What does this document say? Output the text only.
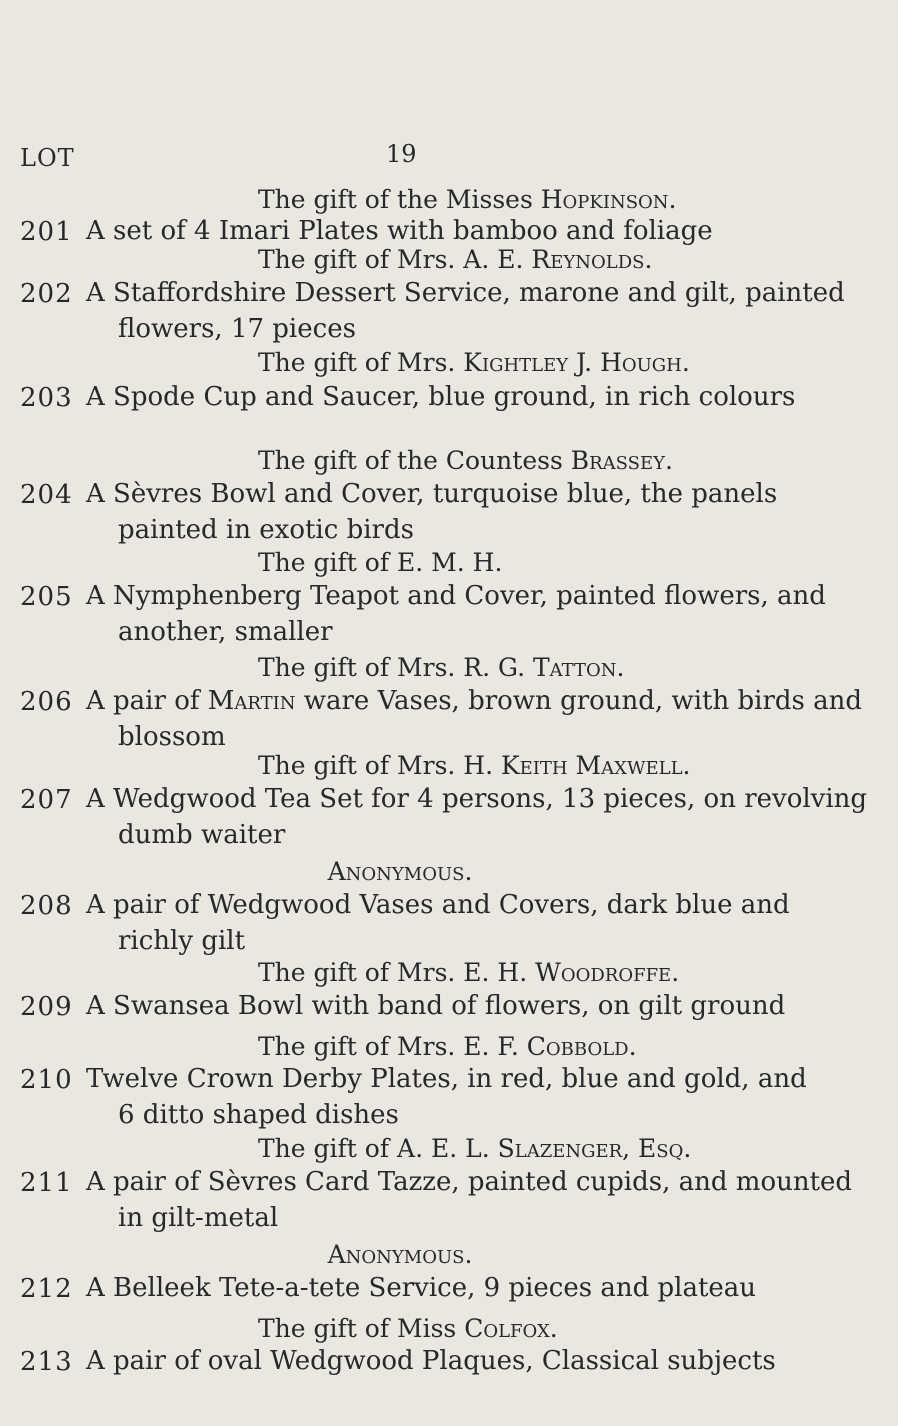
19
LOT
The gift of the Misses Hopkinson.
201 A set of 4 Imari Plates with bamboo and foliage
The gift of Mrs. A. E. Reynolds.
202 A Staffordshire Dessert Service, marone and gilt, painted
flowers, 17 pieces
The gift of Mrs. Kightley J. Hough.
203 A Spode Cup and Saucer, blue ground, in rich colours
The gift of the Countess Brassey.
204 A Sèvres Bowl and Cover, turquoise blue, the panels
painted in exotic birds
The gift of E. M. H.
205 A Nymphenberg Teapot and Cover, painted flowers, and
another, smaller
The gift of Mrs. R. G. Tatton.
206 A pair of Martin ware Vases, brown ground, with birds and
blossom
The gift of Mrs. H. Keith Maxwell.
207 A Wedgwood Tea Set for 4 persons, 13 pieces, on revolving
dumb waiter
Anonymous.
208 A pair of Wedgwood Vases and Covers, dark blue and
richly gilt
The gift of Mrs. E. H. Woodroffe.
209 A Swansea Bowl with band of flowers, on gilt ground
The gift of Mrs. E. F. Cobbold.
210 Twelve Crown Derby Plates, in red, blue and gold, and
6 ditto shaped dishes
The gift of A. E. L. Slazenger, Esq.
211 A pair of Sèvres Card Tazze, painted cupids, and mounted
in gilt-metal
Anonymous.
212 A Belleek Tete-a-tete Service, 9 pieces and plateau
The gift of Miss Colfox.
213 A pair of oval Wedgwood Plaques, Classical subjects
